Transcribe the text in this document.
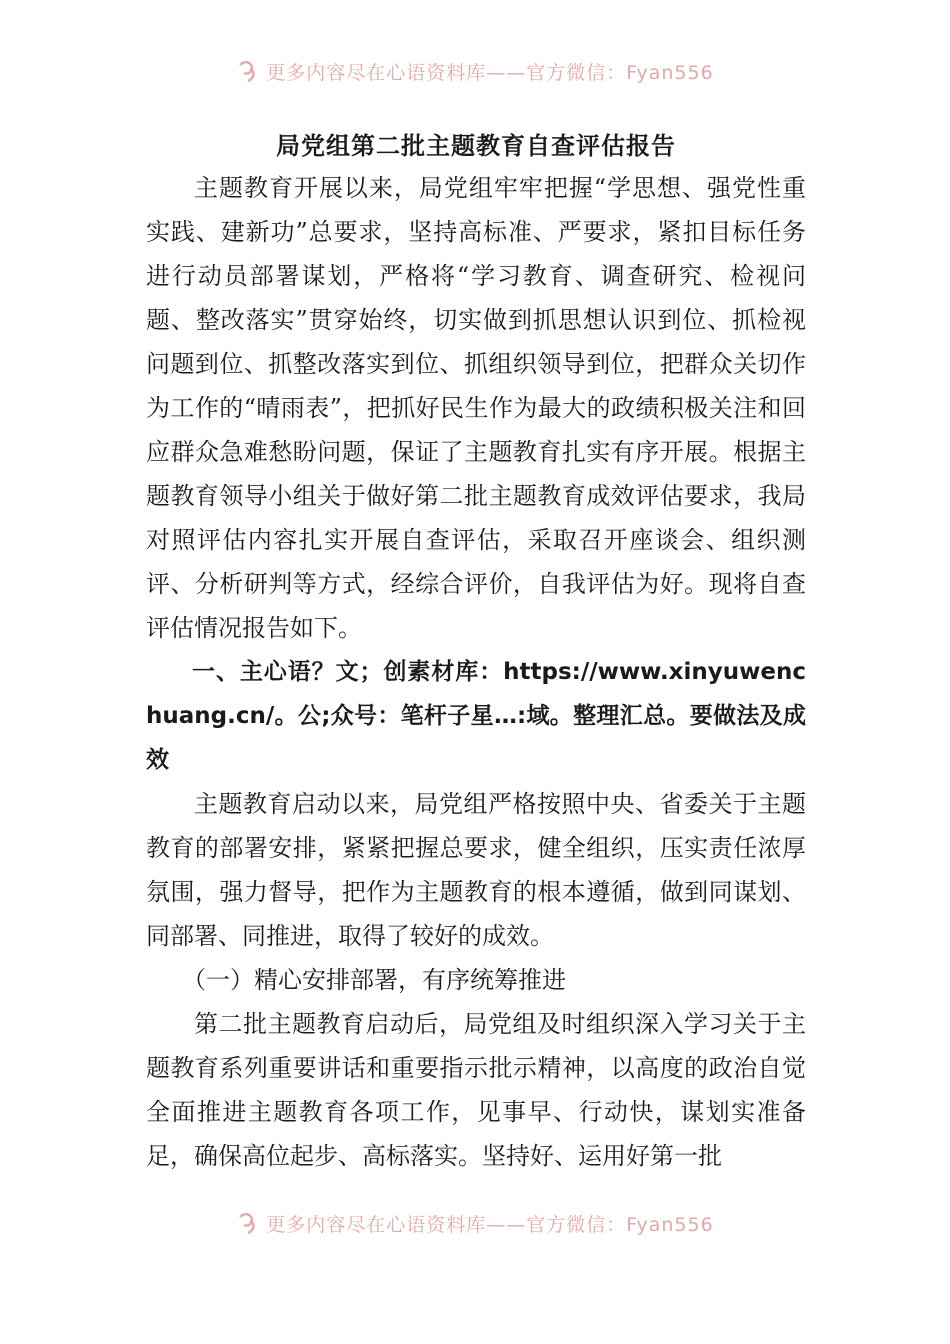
更多内容尽在心语资料库——官方微信：Fyan556
局党组第二批主题教育自查评估报告

主题教育开展以来，局党组牢牢把握“学思想、强党性重实践、建新功”总要求，坚持高标准、严要求，紧扣目标任务进行动员部署谋划，严格将“学习教育、调查研究、检视问题、整改落实”贯穿始终，切实做到抓思想认识到位、抓检视问题到位、抓整改落实到位、抓组织领导到位，把群众关切作为工作的“晴雨表”，把抓好民生作为最大的政绩积极关注和回应群众急难愁盼问题，保证了主题教育扎实有序开展。根据主题教育领导小组关于做好第二批主题教育成效评估要求，我局对照评估内容扎实开展自查评估，采取召开座谈会、组织测评、分析研判等方式，经综合评价，自我评估为好。现将自查评估情况报告如下。

一、主心语？文；创素材库：https://www.xinyuwenchuang.cn/。公;众号：笔杆子星…:域。整理汇总。要做法及成效

主题教育启动以来，局党组严格按照中央、省委关于主题教育的部署安排，紧紧把握总要求，健全组织，压实责任浓厚氛围，强力督导，把作为主题教育的根本遵循，做到同谋划、同部署、同推进，取得了较好的成效。

（一）精心安排部署，有序统筹推进

第二批主题教育启动后，局党组及时组织深入学习关于主题教育系列重要讲话和重要指示批示精神，以高度的政治自觉全面推进主题教育各项工作，见事早、行动快，谋划实准备足，确保高位起步、高标落实。坚持好、运用好第一批

更多内容尽在心语资料库——官方微信：Fyan556
